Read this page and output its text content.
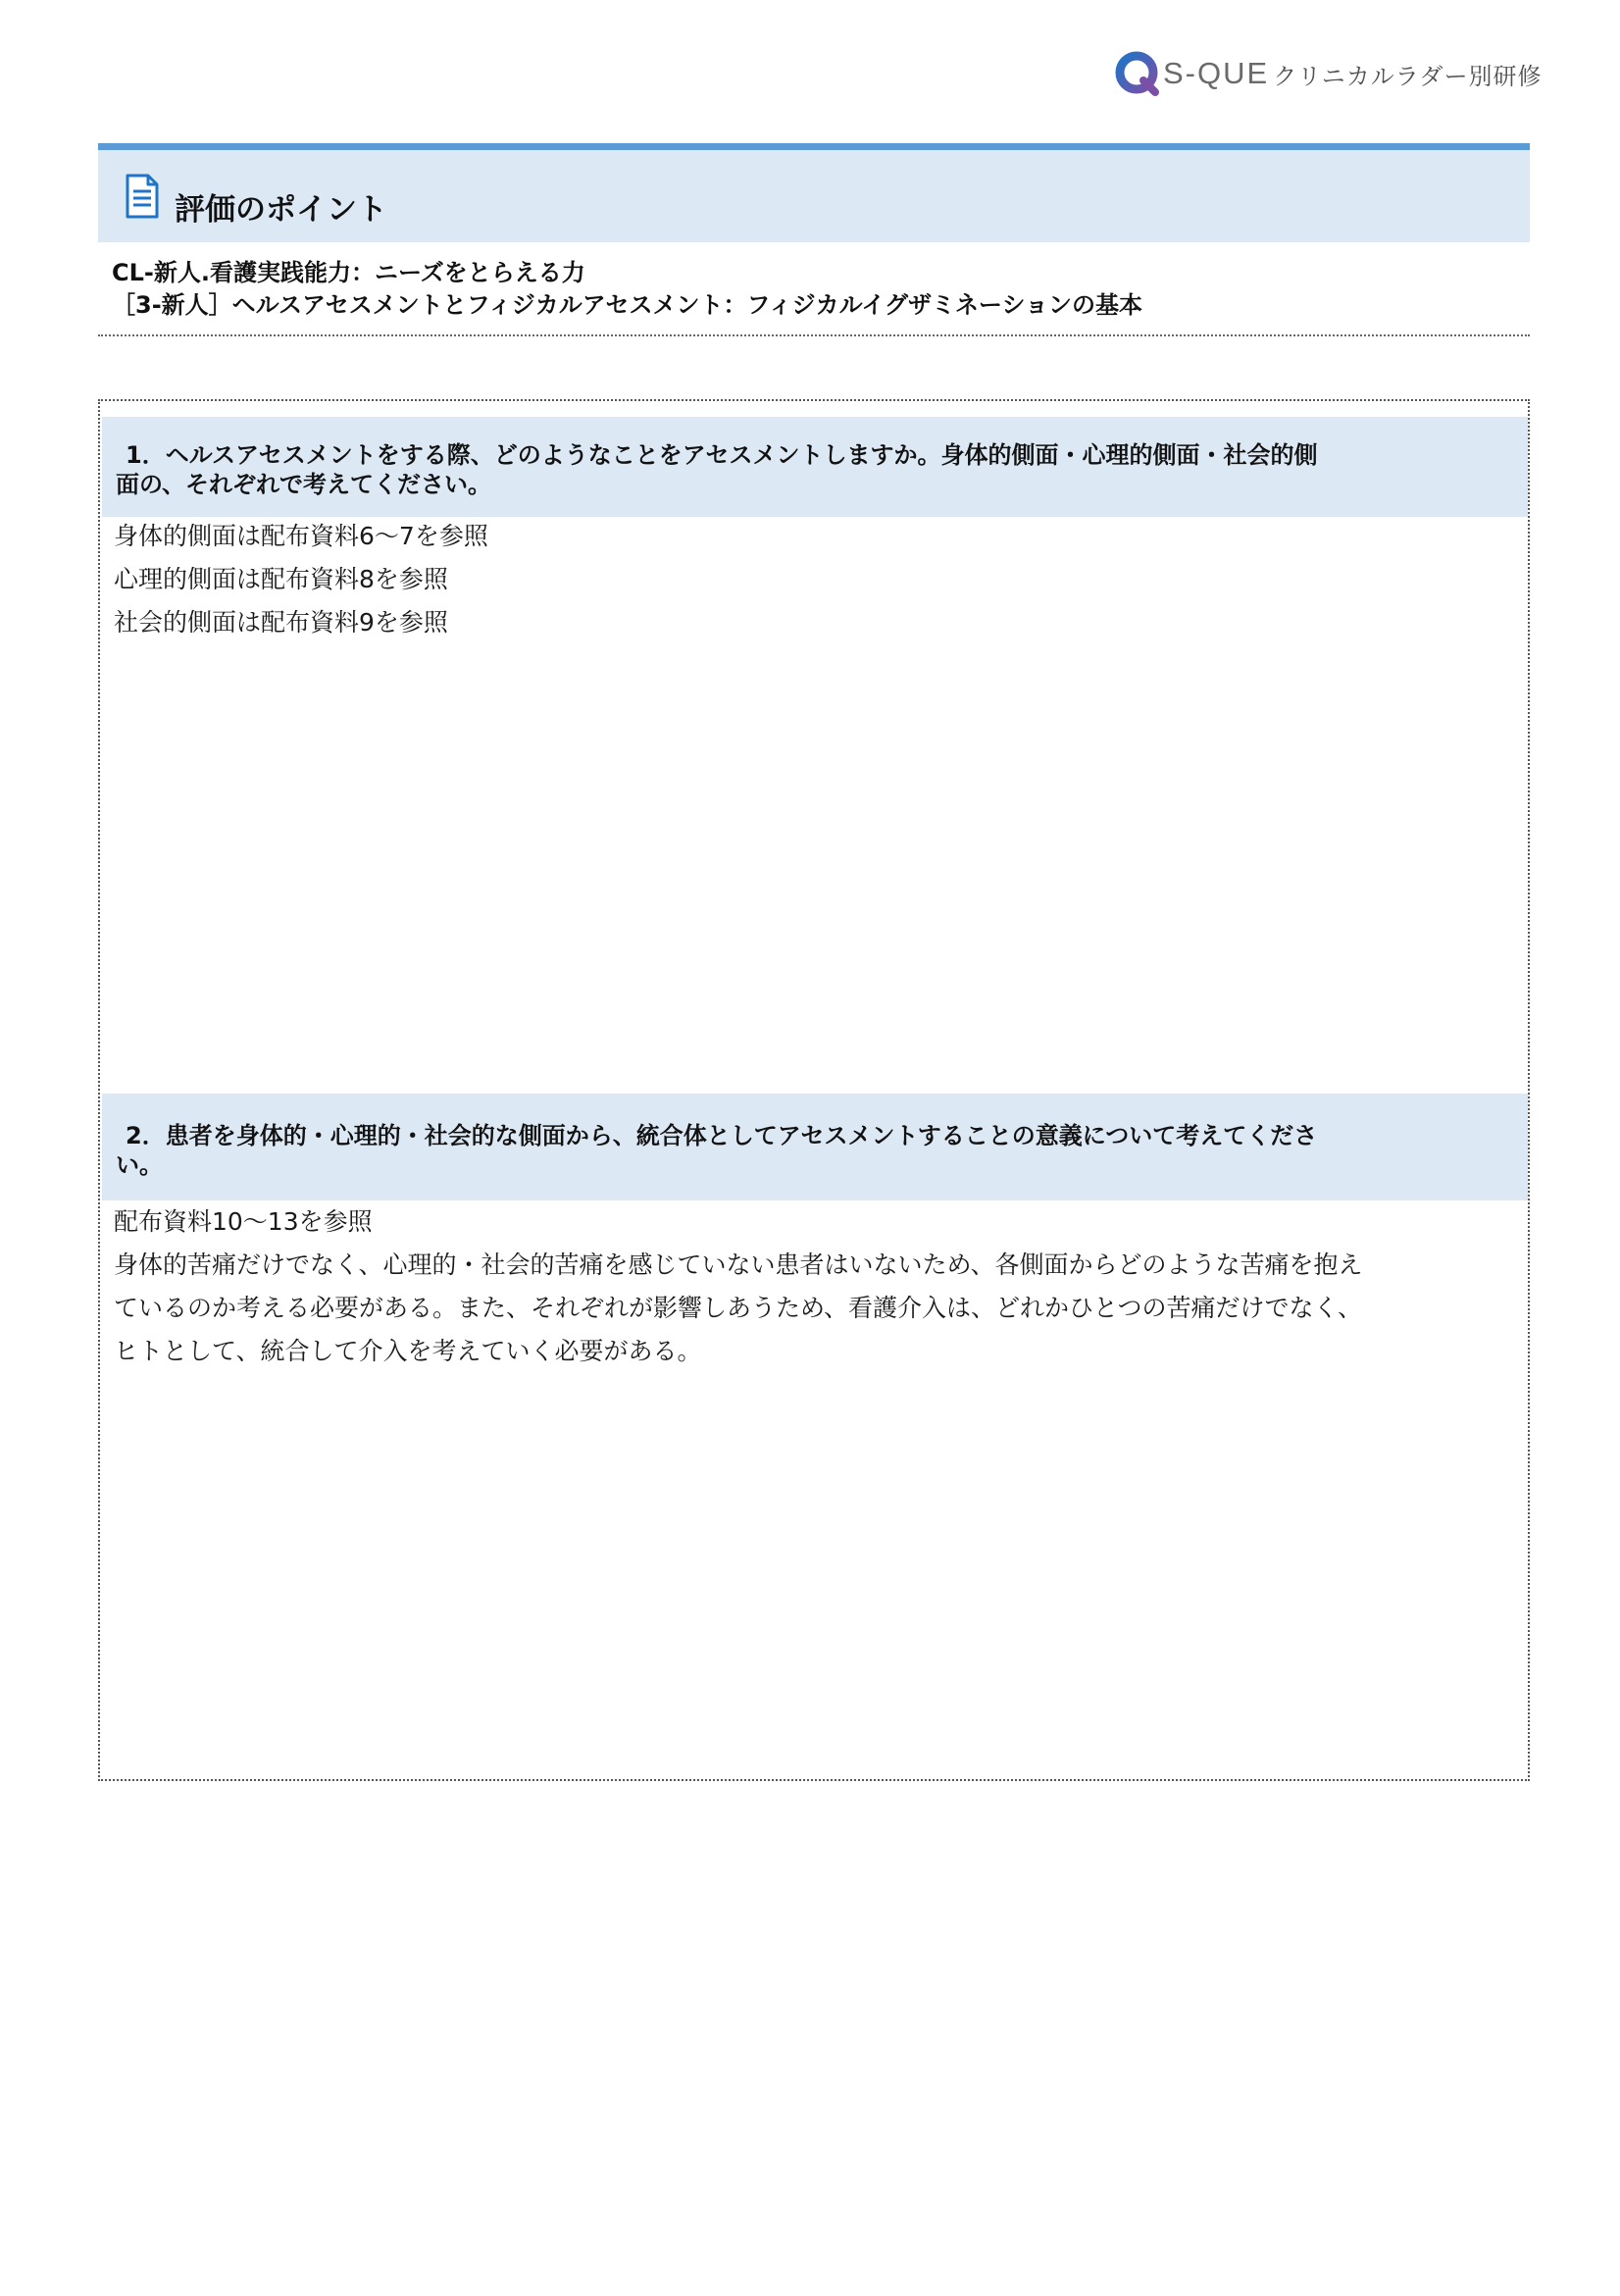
S-QUE クリニカルラダー別研修
評価のポイント
CL-新人.看護実践能力：ニーズをとらえる力
［3-新人］ヘルスアセスメントとフィジカルアセスメント：フィジカルイグザミネーションの基本
1．ヘルスアセスメントをする際、どのようなことをアセスメントしますか。身体的側面・心理的側面・社会的側
面の、それぞれで考えてください。
身体的側面は配布資料6～7を参照
心理的側面は配布資料8を参照
社会的側面は配布資料9を参照
2．患者を身体的・心理的・社会的な側面から、統合体としてアセスメントすることの意義について考えてくださ
い。
配布資料10～13を参照
身体的苦痛だけでなく、心理的・社会的苦痛を感じていない患者はいないため、各側面からどのような苦痛を抱え
ているのか考える必要がある。また、それぞれが影響しあうため、看護介入は、どれかひとつの苦痛だけでなく、
ヒトとして、統合して介入を考えていく必要がある。
